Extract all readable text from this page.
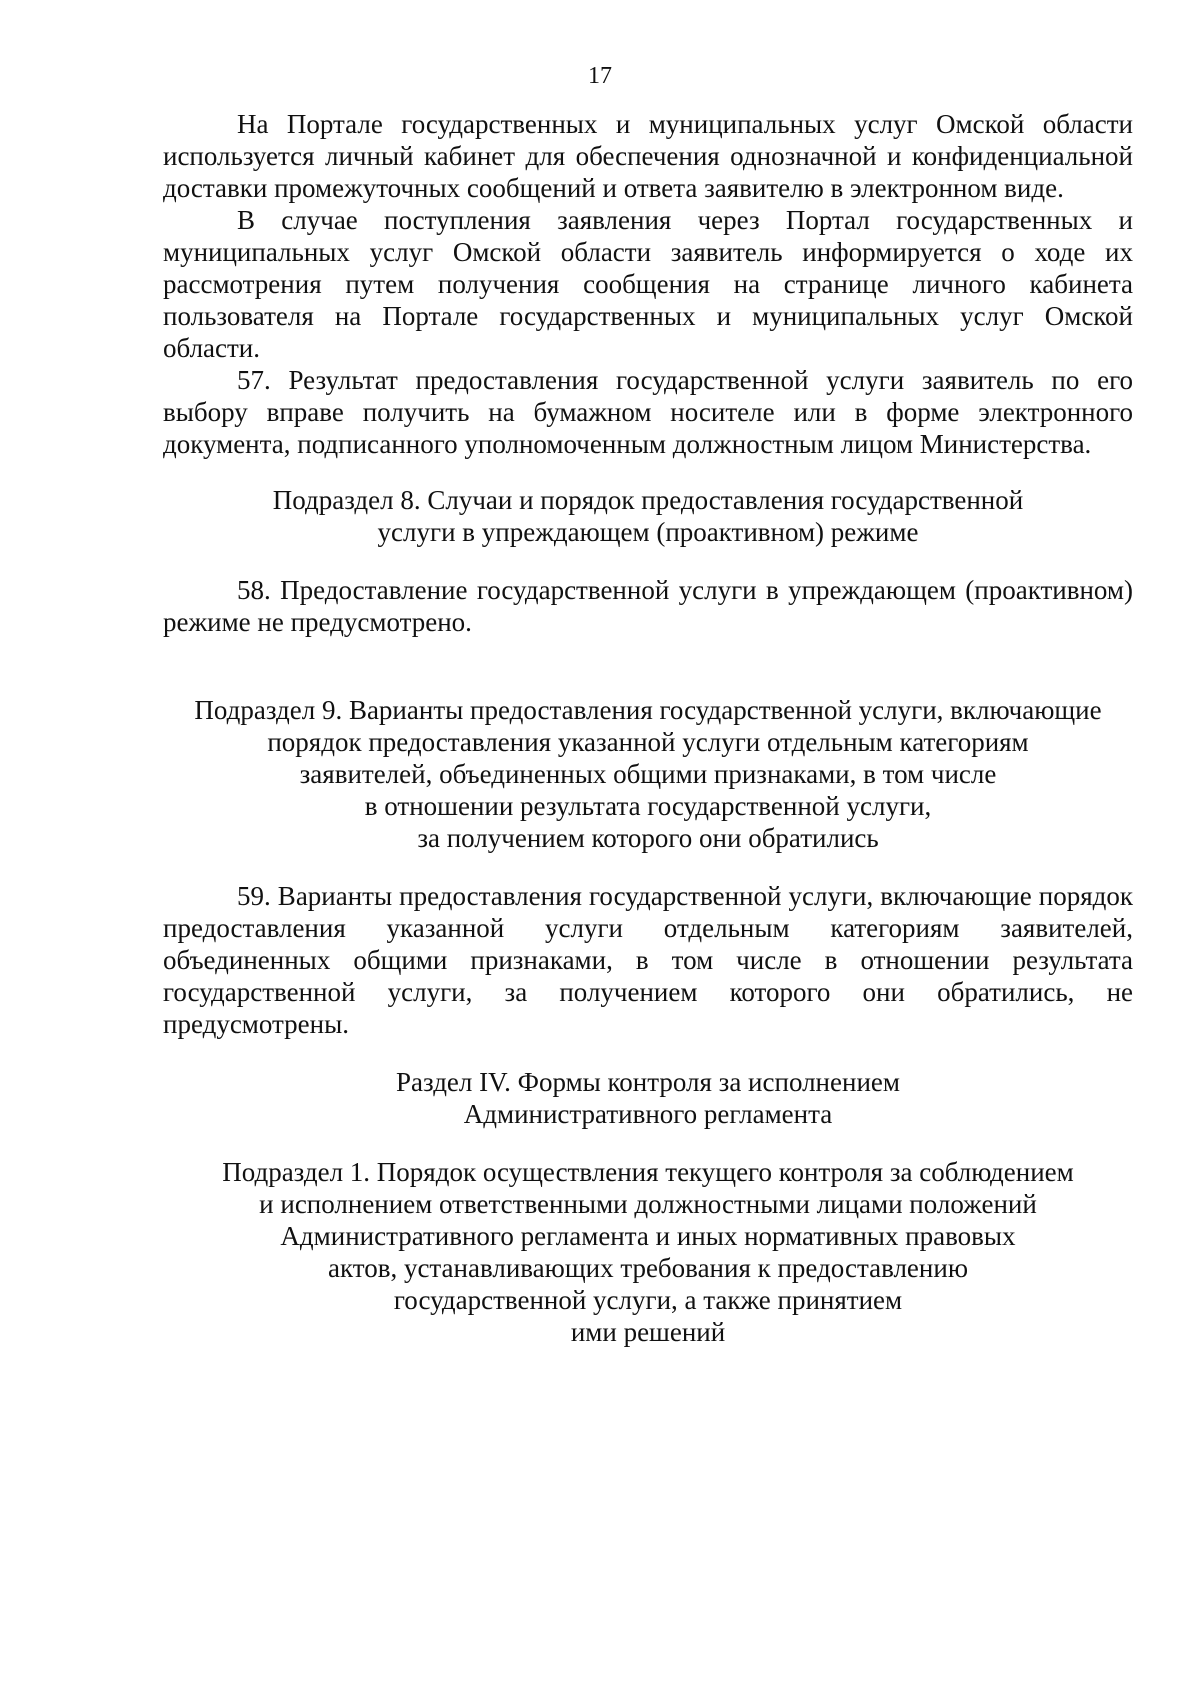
17

На Портале государственных и муниципальных услуг Омской области используется личный кабинет для обеспечения однозначной и конфиденциальной доставки промежуточных сообщений и ответа заявителю в электронном виде.

В случае поступления заявления через Портал государственных и муниципальных услуг Омской области заявитель информируется о ходе их рассмотрения путем получения сообщения на странице личного кабинета пользователя на Портале государственных и муниципальных услуг Омской области.

57. Результат предоставления государственной услуги заявитель по его выбору вправе получить на бумажном носителе или в форме электронного документа, подписанного уполномоченным должностным лицом Министерства.

Подраздел 8. Случаи и порядок предоставления государственной
услуги в упреждающем (проактивном) режиме

58. Предоставление государственной услуги в упреждающем (проактивном) режиме не предусмотрено.

Подраздел 9. Варианты предоставления государственной услуги, включающие
порядок предоставления указанной услуги отдельным категориям
заявителей, объединенных общими признаками, в том числе
в отношении результата государственной услуги,
за получением которого они обратились

59. Варианты предоставления государственной услуги, включающие порядок предоставления указанной услуги отдельным категориям заявителей, объединенных общими признаками, в том числе в отношении результата государственной услуги, за получением которого они обратились, не предусмотрены.

Раздел IV. Формы контроля за исполнением
Административного регламента
Подраздел 1. Порядок осуществления текущего контроля за соблюдением
и исполнением ответственными должностными лицами положений
Административного регламента и иных нормативных правовых
актов, устанавливающих требования к предоставлению
государственной услуги, а также принятием
ими решений
